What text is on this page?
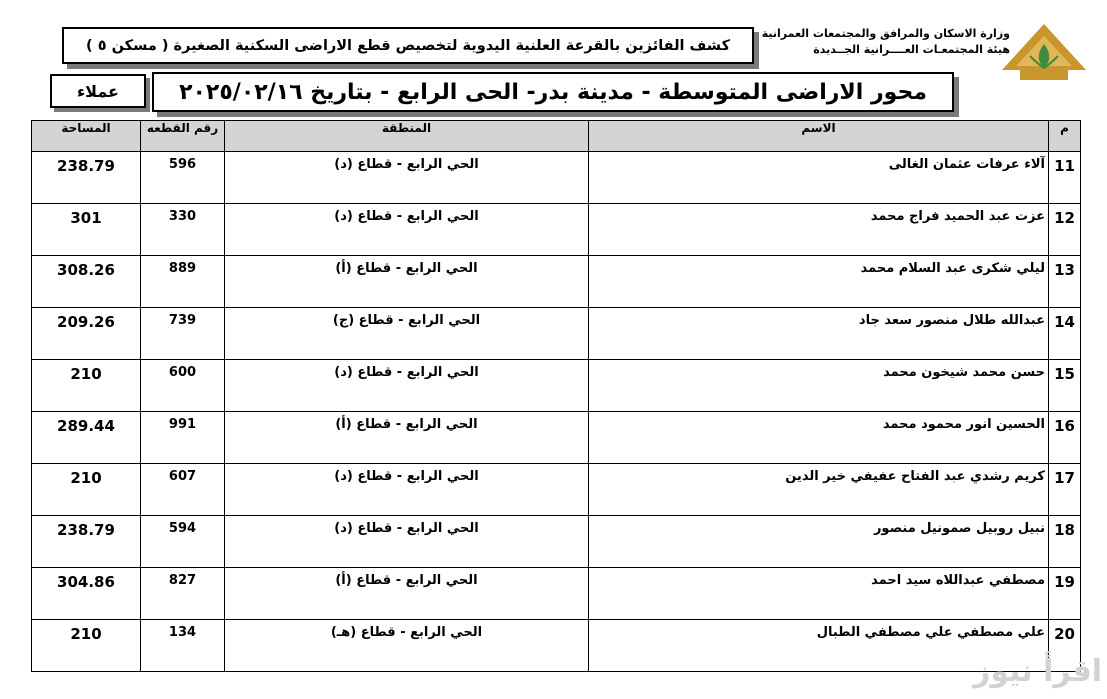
وزارة الاسكان والمرافق والمجتمعات العمرانية
هيئة المجتمعـات العــــرانية الجــديدة
كشف الفائزين بالقرعة العلنية اليدوية لتخصيص قطع الاراضى السكنية الصغيرة ( مسكن ٥ )
محور الاراضى المتوسطة - مدينة بدر- الحى الرابع - بتاريخ ٢٠٢٥/٠٢/١٦
عملاء
المساحة	رقم القطعه	المنطقة	الاسم	م
238.79	596	الحي الرابع - قطاع (د)	آلاء عرفات عثمان الغالى	11
301	330	الحي الرابع - قطاع (د)	عزت عبد الحميد فراج محمد	12
308.26	889	الحي الرابع - قطاع (أ)	ليلي شكرى عبد السلام محمد	13
209.26	739	الحي الرابع - قطاع (ج)	عبدالله طلال منصور سعد جاد	14
210	600	الحي الرابع - قطاع (د)	حسن محمد شيخون محمد	15
289.44	991	الحي الرابع - قطاع (أ)	الحسين انور محمود محمد	16
210	607	الحي الرابع - قطاع (د)	كريم رشدي عبد الفتاح عفيفي خير الدين	17
238.79	594	الحي الرابع - قطاع (د)	نبيل روبيل صمونيل منصور	18
304.86	827	الحي الرابع - قطاع (أ)	مصطفي عبداللاه سيد احمد	19
210	134	الحي الرابع - قطاع (هـ)	علي مصطفي علي مصطفي الطبال	20
اقرأ نيوز
